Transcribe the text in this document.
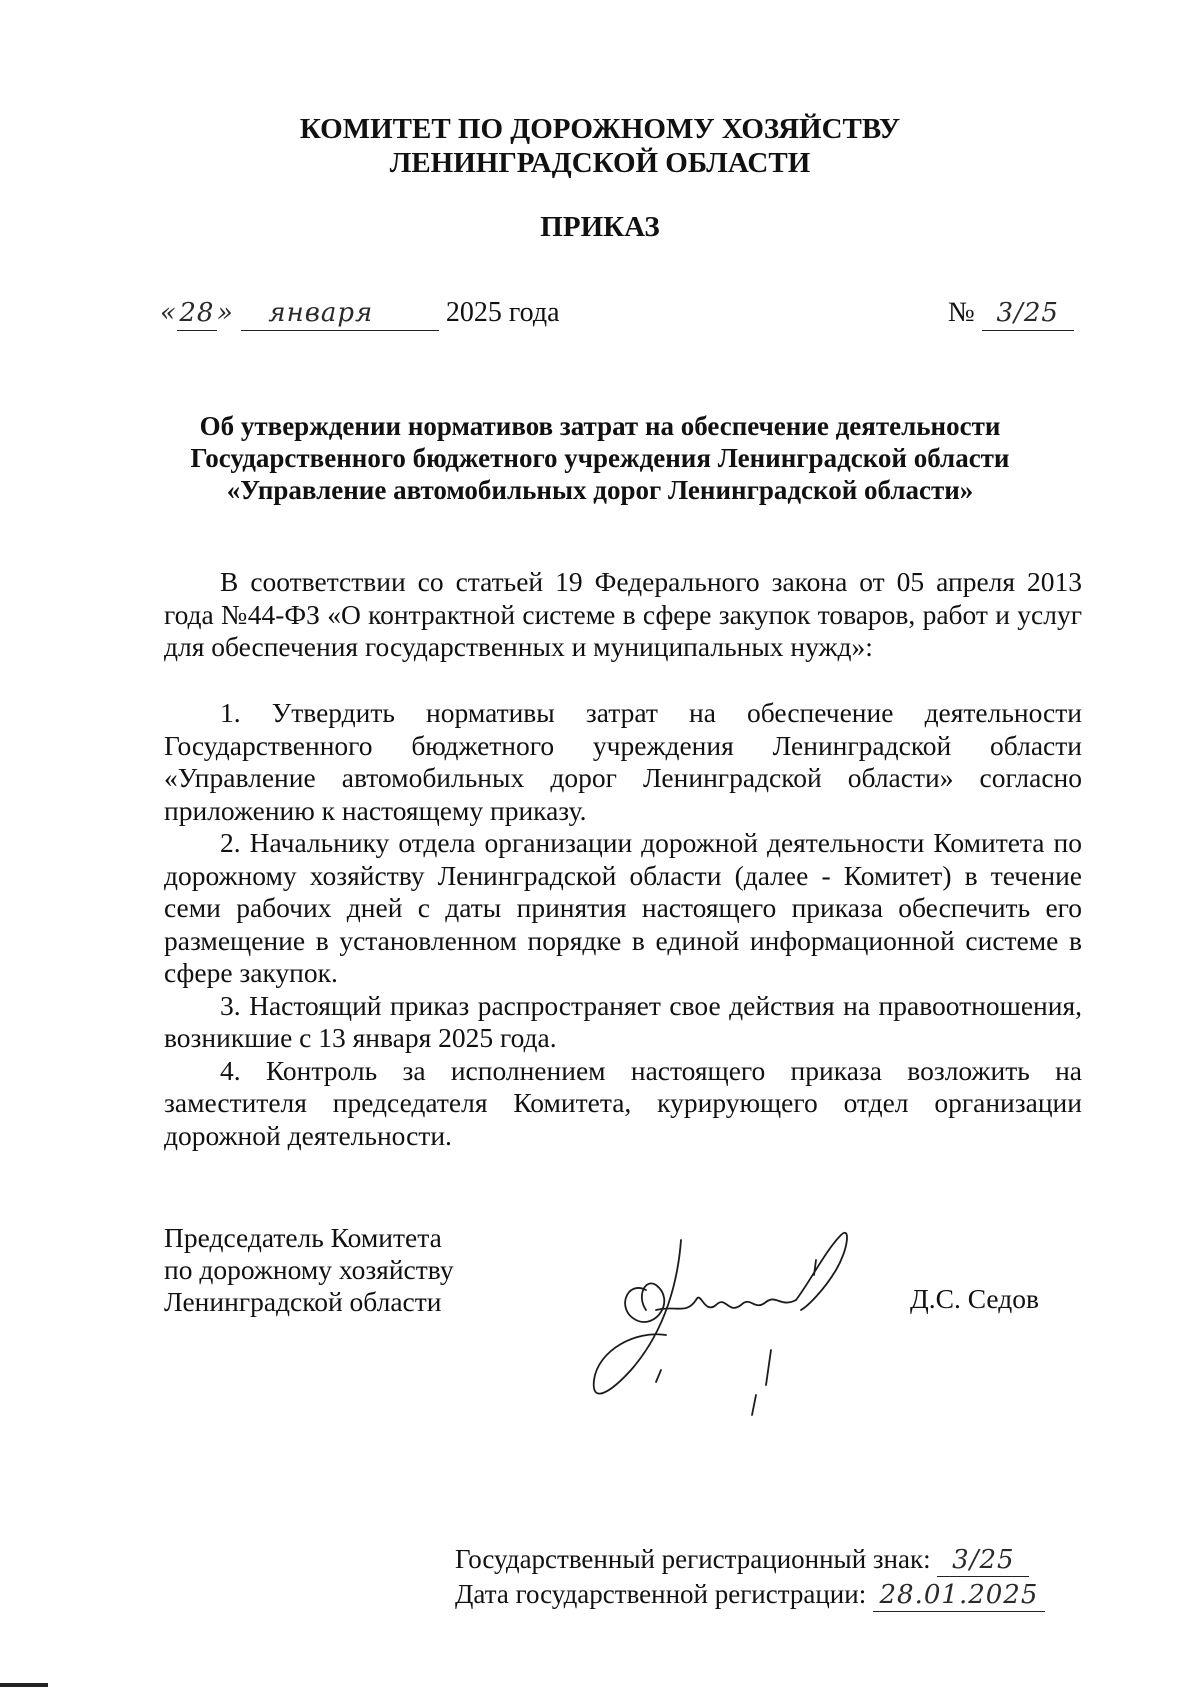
КОМИТЕТ ПО ДОРОЖНОМУ ХОЗЯЙСТВУ
ЛЕНИНГРАДСКОЙ ОБЛАСТИ
ПРИКАЗ
«28» января	2025 года	№ 3/25
Об утверждении нормативов затрат на обеспечение деятельности
Государственного бюджетного учреждения Ленинградской области
«Управление автомобильных дорог Ленинградской области»
В соответствии со статьей 19 Федерального закона от 05 апреля 2013 года №44-ФЗ «О контрактной системе в сфере закупок товаров, работ и услуг для обеспечения государственных и муниципальных нужд»:

1. Утвердить нормативы затрат на обеспечение деятельности Государственного бюджетного учреждения Ленинградской области «Управление автомобильных дорог Ленинградской области» согласно приложению к настоящему приказу.

2. Начальнику отдела организации дорожной деятельности Комитета по дорожному хозяйству Ленинградской области (далее - Комитет) в течение семи рабочих дней с даты принятия настоящего приказа обеспечить его размещение в установленном порядке в единой информационной системе в сфере закупок.

3. Настоящий приказ распространяет свое действия на правоотношения, возникшие с 13 января 2025 года.

4. Контроль за исполнением настоящего приказа возложить на заместителя председателя Комитета, курирующего отдел организации дорожной деятельности.

Председатель Комитета
по дорожному хозяйству
Ленинградской области	Д.С. Седов
Государственный регистрационный знак: 3/25
Дата государственной регистрации: 28.01.2025
